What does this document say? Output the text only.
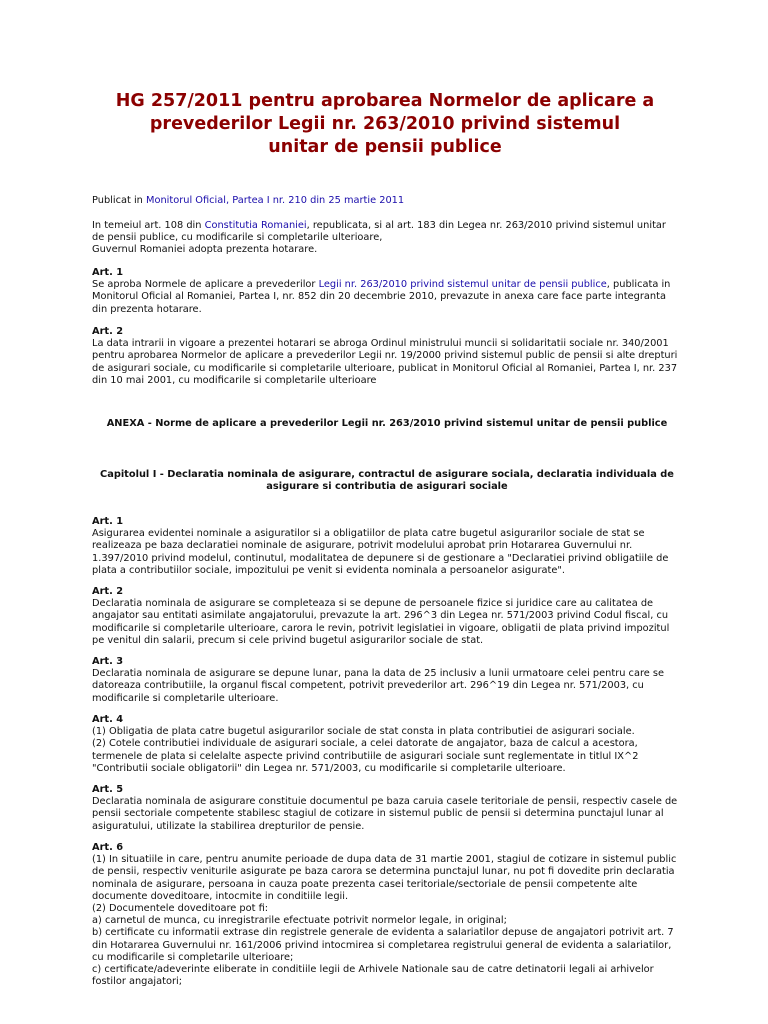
HG 257/2011 pentru aprobarea Normelor de aplicare a
prevederilor Legii nr. 263/2010 privind sistemul
unitar de pensii publice

Publicat in Monitorul Oficial, Partea I nr. 210 din 25 martie 2011

In temeiul art. 108 din Constitutia Romaniei, republicata, si al art. 183 din Legea nr. 263/2010 privind sistemul unitar
de pensii publice, cu modificarile si completarile ulterioare,
Guvernul Romaniei adopta prezenta hotarare.

Art. 1
Se aproba Normele de aplicare a prevederilor Legii nr. 263/2010 privind sistemul unitar de pensii publice, publicata in
Monitorul Oficial al Romaniei, Partea I, nr. 852 din 20 decembrie 2010, prevazute in anexa care face parte integranta
din prezenta hotarare.
Art. 2
La data intrarii in vigoare a prezentei hotarari se abroga Ordinul ministrului muncii si solidaritatii sociale nr. 340/2001
pentru aprobarea Normelor de aplicare a prevederilor Legii nr. 19/2000 privind sistemul public de pensii si alte drepturi
de asigurari sociale, cu modificarile si completarile ulterioare, publicat in Monitorul Oficial al Romaniei, Partea I, nr. 237
din 10 mai 2001, cu modificarile si completarile ulterioare

ANEXA - Norme de aplicare a prevederilor Legii nr. 263/2010 privind sistemul unitar de pensii publice

Capitolul I - Declaratia nominala de asigurare, contractul de asigurare sociala, declaratia individuala de
asigurare si contributia de asigurari sociale

Art. 1
Asigurarea evidentei nominale a asiguratilor si a obligatiilor de plata catre bugetul asigurarilor sociale de stat se
realizeaza pe baza declaratiei nominale de asigurare, potrivit modelului aprobat prin Hotararea Guvernului nr.
1.397/2010 privind modelul, continutul, modalitatea de depunere si de gestionare a "Declaratiei privind obligatiile de
plata a contributiilor sociale, impozitului pe venit si evidenta nominala a persoanelor asigurate".
Art. 2
Declaratia nominala de asigurare se completeaza si se depune de persoanele fizice si juridice care au calitatea de
angajator sau entitati asimilate angajatorului, prevazute la art. 296^3 din Legea nr. 571/2003 privind Codul fiscal, cu
modificarile si completarile ulterioare, carora le revin, potrivit legislatiei in vigoare, obligatii de plata privind impozitul
pe venitul din salarii, precum si cele privind bugetul asigurarilor sociale de stat.
Art. 3
Declaratia nominala de asigurare se depune lunar, pana la data de 25 inclusiv a lunii urmatoare celei pentru care se
datoreaza contributiile, la organul fiscal competent, potrivit prevederilor art. 296^19 din Legea nr. 571/2003, cu
modificarile si completarile ulterioare.
Art. 4
(1) Obligatia de plata catre bugetul asigurarilor sociale de stat consta in plata contributiei de asigurari sociale.
(2) Cotele contributiei individuale de asigurari sociale, a celei datorate de angajator, baza de calcul a acestora,
termenele de plata si celelalte aspecte privind contributiile de asigurari sociale sunt reglementate in titlul IX^2
"Contributii sociale obligatorii" din Legea nr. 571/2003, cu modificarile si completarile ulterioare.
Art. 5
Declaratia nominala de asigurare constituie documentul pe baza caruia casele teritoriale de pensii, respectiv casele de
pensii sectoriale competente stabilesc stagiul de cotizare in sistemul public de pensii si determina punctajul lunar al
asiguratului, utilizate la stabilirea drepturilor de pensie.
Art. 6
(1) In situatiile in care, pentru anumite perioade de dupa data de 31 martie 2001, stagiul de cotizare in sistemul public
de pensii, respectiv veniturile asigurate pe baza carora se determina punctajul lunar, nu pot fi dovedite prin declaratia
nominala de asigurare, persoana in cauza poate prezenta casei teritoriale/sectoriale de pensii competente alte
documente doveditoare, intocmite in conditiile legii.
(2) Documentele doveditoare pot fi:
a) carnetul de munca, cu inregistrarile efectuate potrivit normelor legale, in original;
b) certificate cu informatii extrase din registrele generale de evidenta a salariatilor depuse de angajatori potrivit art. 7
din Hotararea Guvernului nr. 161/2006 privind intocmirea si completarea registrului general de evidenta a salariatilor,
cu modificarile si completarile ulterioare;
c) certificate/adeverinte eliberate in conditiile legii de Arhivele Nationale sau de catre detinatorii legali ai arhivelor
fostilor angajatori;
